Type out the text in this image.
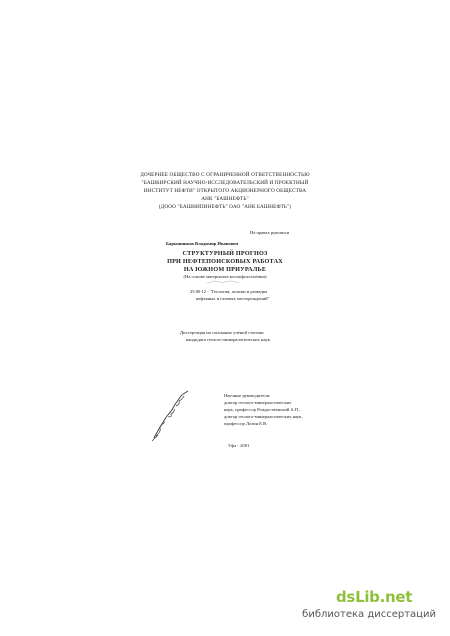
ДОЧЕРНЕЕ ОБЩЕСТВО С ОГРАНИЧЕННОЙ ОТВЕТСТВЕННОСТЬЮ
"БАШКИРСКИЙ НАУЧНО-ИССЛЕДОВАТЕЛЬСКИЙ И ПРОЕКТНЫЙ
ИНСТИТУТ НЕФТИ" ОТКРЫТОГО АКЦИОНЕРНОГО ОБЩЕСТВА
АНК "БАШНЕФТЬ"
(ДООО "БАШНИПИНЕФТЬ" ОАО "АНК БАШНЕФТЬ")
На правах рукописи
Барышников Владимир Иванович
СТРУКТУРНЫЙ ПРОГНОЗ
ПРИ НЕФТЕПОИСКОВЫХ РАБОТАХ
НА ЮЖНОМ ПРИУРАЛЬЕ
(На основе материалов космофотосъёмки)
25.00.12 - "Геология, поиски и разведка
нефтяных и газовых месторождений"
Диссертация на соискание учёной степени
кандидата геолого-минералогических наук
Научные руководители:
доктор геолого-минералогических
наук, профессор Рождественский А.П.,
доктор геолого-минералогических наук,
профессор Лозин Е.В.
Уфа - 2001
dsLib.net
библиотека диссертаций
